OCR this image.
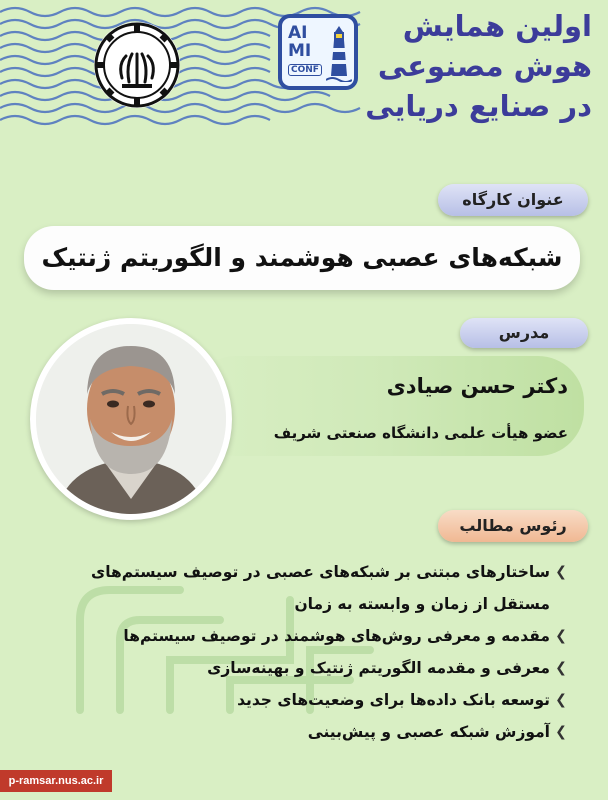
AI
MI
CONF
اولین همایش
هوش مصنوعی
در صنایع دریایی
عنوان کارگاه
شبکه‌های عصبی هوشمند و الگوریتم ژنتیک
مدرس
دکتر حسن صیادی
عضو هیأت علمی دانشگاه صنعتی شریف
رئوس مطالب
❮
ساختارهای مبتنی بر شبکه‌های عصبی در توصیف سیستم‌های مستقل از زمان و وابسته به زمان
❮
مقدمه و معرفی روش‌های هوشمند در توصیف سیستم‌ها
❮
معرفی و مقدمه الگوریتم ژنتیک و بهینه‌سازی
❮
توسعه بانک داده‌ها برای وضعیت‌های جدید
❮
آموزش شبکه عصبی و پیش‌بینی
p-ramsar.nus.ac.ir
